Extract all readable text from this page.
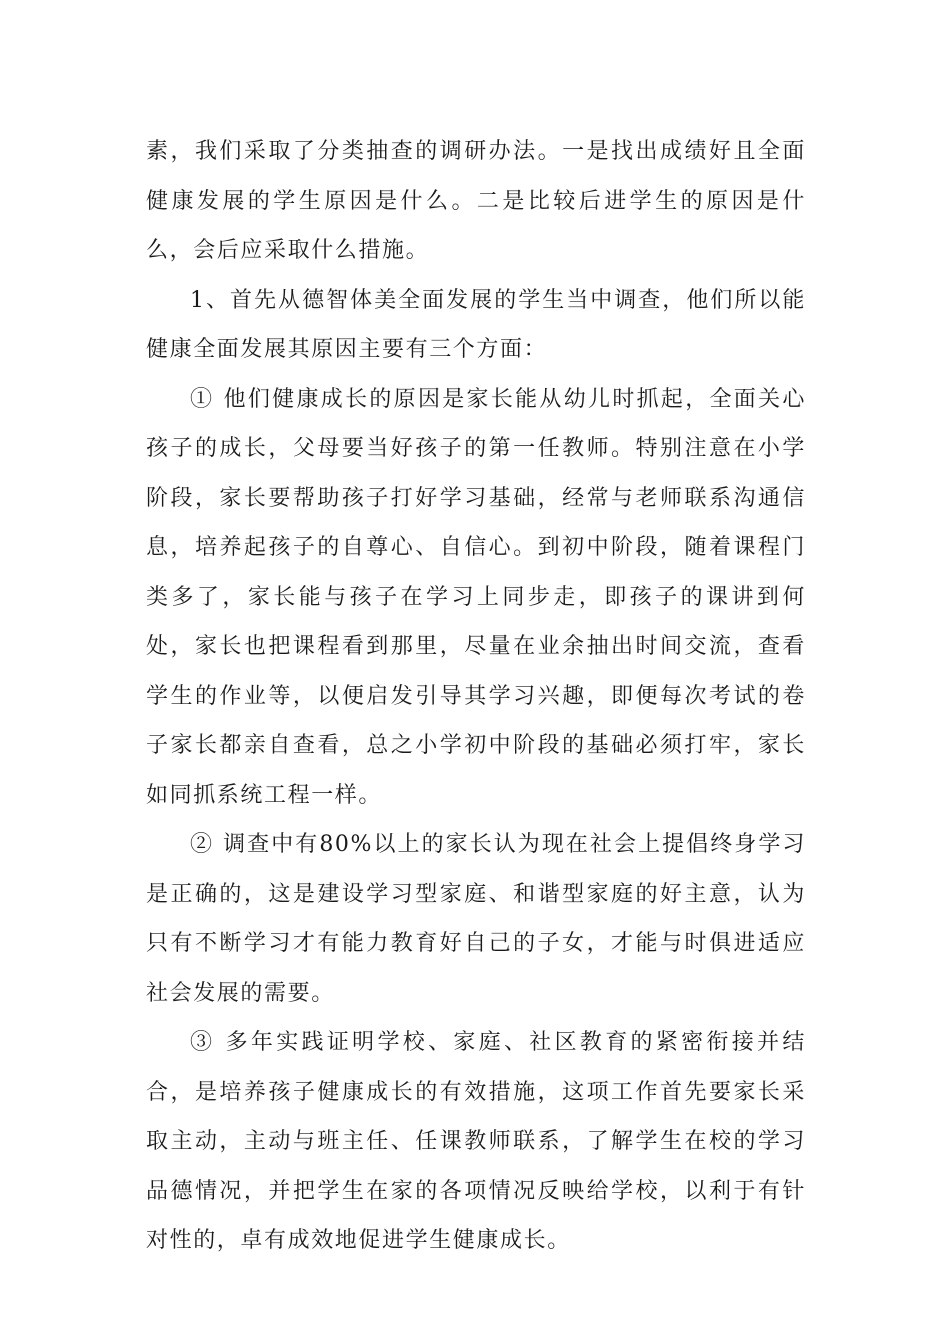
素，我们采取了分类抽查的调研办法。一是找出成绩好且全面健康发展的学生原因是什么。二是比较后进学生的原因是什么，会后应采取什么措施。

1、首先从德智体美全面发展的学生当中调查，他们所以能健康全面发展其原因主要有三个方面：

① 他们健康成长的原因是家长能从幼儿时抓起，全面关心孩子的成长，父母要当好孩子的第一任教师。特别注意在小学阶段，家长要帮助孩子打好学习基础，经常与老师联系沟通信息，培养起孩子的自尊心、自信心。到初中阶段，随着课程门类多了，家长能与孩子在学习上同步走，即孩子的课讲到何处，家长也把课程看到那里，尽量在业余抽出时间交流，查看学生的作业等，以便启发引导其学习兴趣，即便每次考试的卷子家长都亲自查看，总之小学初中阶段的基础必须打牢，家长如同抓系统工程一样。

② 调查中有80%以上的家长认为现在社会上提倡终身学习是正确的，这是建设学习型家庭、和谐型家庭的好主意，认为只有不断学习才有能力教育好自己的子女，才能与时俱进适应社会发展的需要。

③ 多年实践证明学校、家庭、社区教育的紧密衔接并结合，是培养孩子健康成长的有效措施，这项工作首先要家长采取主动，主动与班主任、任课教师联系，了解学生在校的学习品德情况，并把学生在家的各项情况反映给学校，以利于有针对性的，卓有成效地促进学生健康成长。
